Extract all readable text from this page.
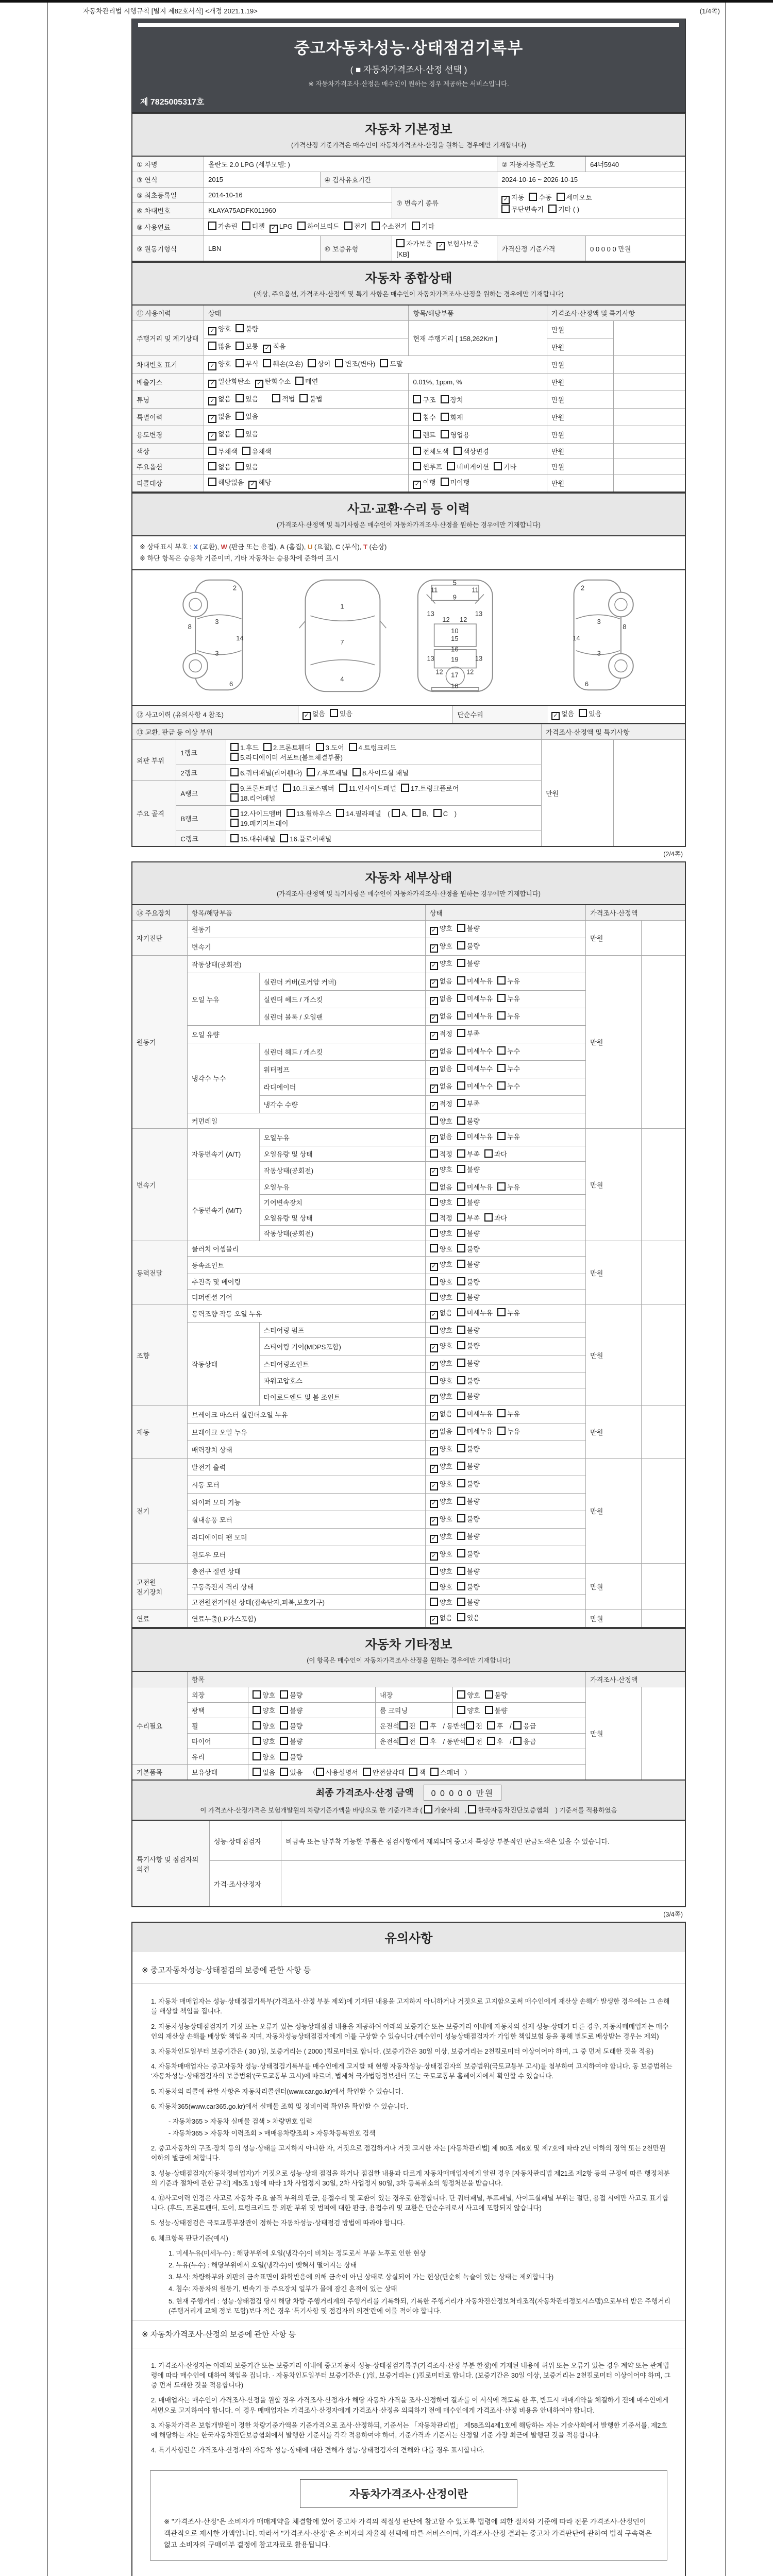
자동차관리법 시행규칙 [별지 제82호서식] <개정 2021.1.19>	(1/4쪽)
중고자동차성능·상태점검기록부
( ■ 자동차가격조사·산정 선택 )
※ 자동차가격조사·산정은 매수인이 원하는 경우 제공하는 서비스입니다.
제 7825005317호
자동차 기본정보
(가격산정 기준가격은 매수인이 자동차가격조사·산정을 원하는 경우에만 기재합니다)
① 차명	올란도 2.0 LPG (세부모델: )			② 자동차등록번호	64너5940
③ 연식	2015	④ 검사유효기간		2024-10-16 ~ 2026-10-15	
⑤ 최초등록일	2014-10-16		⑦ 변속기 종류	✓ 자동 수동 세미오토
무단변속기 기타 ( )	
⑥ 차대번호	KLAYA75ADFK011960				
⑧ 사용연료	가솔린 디젤 ✓ LPG 하이브리드 전기 수소전기 기타				
⑨ 원동기형식	LBN	⑩ 보증유형	자가보증 ✓ 보험사보증[KB]	가격산정 기준가격	0 0 0 0 0 만원
자동차 종합상태
(색상, 주요옵션, 가격조사·산정액 및 특기 사항은 매수인이 자동차가격조사·산정을 원하는 경우에만 기재합니다)
⑪ 사용이력	상태	항목/해당부품	가격조사·산정액 및 특기사항	
주행거리 및 계기상태	✓ 양호 불량	현재 주행거리 [ 158,262Km ]	만원	
	많음 보통 ✓ 적음		만원	
차대번호 표기	✓ 양호 부식 훼손(오손) 상이 변조(변타) 도말		만원	
배출가스	✓ 일산화탄소 ✓ 탄화수소 매연	0.01%, 1ppm, %	만원	
튜닝	✓ 없음 있음 적법 불법	구조 장치	만원	
특별이력	✓ 없음 있음	침수 화재	만원	
용도변경	✓ 없음 있음	렌트 영업용	만원	
색상	무채색 유채색	전체도색 색상변경	만원	
주요옵션	없음 있음	썬루프 네비게이션 기타	만원	
리콜대상	해당없음 ✓ 해당	✓ 이행 미이행	만원	
사고·교환·수리 등 이력
(가격조사·산정액 및 특기사항은 매수인이 자동차가격조사·산정을 원하는 경우에만 기재합니다)
※ 상태표시 부호 : X (교환), W (판금 또는 용접), A (흠집), U (요철), C (부식), T (손상)
※ 하단 항목은 승용차 기준이며, 기타 자동차는 승용차에 준하여 표시
2
8
3
14
3
6
1
7
4
5
11	11
9
13
12 12
13
10
15
16
19
13	13
12	12
17
18
2
8
3
14
3
6
⑫ 사고이력 (유의사항 4 참조)	✓ 없음 있음	단순수리	✓ 없음 있음
⑬ 교환, 판금 등 이상 부위			가격조사·산정액 및 특기사항	
외판 부위	1랭크	1.후드 2.프론트휀더 3.도어 4.트렁크리드
5.라디에이터 서포트(볼트체결부품)	만원	
	2랭크	6.쿼터패널(리어휀다) 7.루프패널 8.사이드실 패널		
주요 골격	A랭크	9.프론트패널 10.크로스멤버 11.인사이드패널 17.트렁크플로어
18.리어패널		
	B랭크	12.사이드멤버 13.휠하우스 14.필라패널 ( A, B, C )
19.패키지트레이		
	C랭크	15.대쉬패널 16.플로어패널		
(2/4쪽)
자동차 세부상태
(가격조사·산정액 및 특기사항은 매수인이 자동차가격조사·산정을 원하는 경우에만 기재합니다)
⑭ 주요장치	항목/해당부품		상태	가격조사·산정액	
자기진단	원동기		✓ 양호 불량	만원	
	변속기		✓ 양호 불량		
원동기	작동상태(공회전)		✓ 양호 불량	만원	
	오일 누유	실린더 커버(로커암 커버)	✓ 없음 미세누유 누유		
		실린더 헤드 / 개스킷	✓ 없음 미세누유 누유		
		실린더 블록 / 오일팬	✓ 없음 미세누유 누유		
	오일 유량		✓ 적정 부족		
	냉각수 누수	실린더 헤드 / 개스킷	✓ 없음 미세누수 누수		
		워터펌프	✓ 없음 미세누수 누수		
		라디에이터	✓ 없음 미세누수 누수		
		냉각수 수량	✓ 적정 부족		
	커먼레일		양호 불량		
변속기	자동변속기 (A/T)	오일누유	✓ 없음 미세누유 누유	만원	
		오일유량 및 상태	적정 부족 과다		
		작동상태(공회전)	✓ 양호 불량		
	수동변속기 (M/T)	오일누유	없음 미세누유 누유		
		기어변속장치	양호 불량		
		오일유량 및 상태	적정 부족 과다		
		작동상태(공회전)	양호 불량		
동력전달	클러치 어셈블리		양호 불량	만원	
	등속죠인트		✓ 양호 불량		
	추진축 및 베어링		양호 불량		
	디퍼렌셜 기어		양호 불량		
조향	동력조향 작동 오일 누유		✓ 없음 미세누유 누유	만원	
	작동상태	스티어링 펌프	양호 불량		
		스티어링 기어(MDPS포함)	✓ 양호 불량		
		스티어링조인트	✓ 양호 불량		
		파워고압호스	양호 불량		
		타이로드엔드 및 볼 조인트	✓ 양호 불량		
제동	브레이크 마스터 실린더오일 누유		✓ 없음 미세누유 누유	만원	
	브레이크 오일 누유		✓ 없음 미세누유 누유		
	배력장치 상태		✓ 양호 불량		
전기	발전기 출력		✓ 양호 불량	만원	
	시동 모터		✓ 양호 불량		
	와이퍼 모터 기능		✓ 양호 불량		
	실내송풍 모터		✓ 양호 불량		
	라디에이터 팬 모터		✓ 양호 불량		
	윈도우 모터		✓ 양호 불량		
고전원 전기장치	충전구 절연 상태		양호 불량	만원	
	구동축전지 격리 상태		양호 불량		
	고전원전기배선 상태(접속단자,피복,보호기구)		양호 불량		
연료	연료누출(LP가스포함)		✓ 없음 있음	만원	
자동차 기타정보
(이 항목은 매수인이 자동차가격조사·산정을 원하는 경우에만 기재합니다)
	항목				가격조사·산정액	
수리필요	외장	양호 불량	내장	양호 불량	만원	
	광택	양호 불량	룸 크리닝	양호 불량		
	휠	양호 불량	운전석 전 후 / 동반석 전 후 / 응급			
	타이어	양호 불량	운전석 전 후 / 동반석 전 후 / 응급			
	유리	양호 불량				
기본품목	보유상태	없음 있음 （ 사용설명서 안전삼각대 잭 스패너 ）				
최종 가격조사·산정 금액 0 0 0 0 0 만원
이 가격조사·산정가격은 보험개발원의 차량기준가액을 바탕으로 한 기준가격과 ( 기술사회 , 한국자동차진단보증협회 ) 기준서를 적용하였음
특기사항 및 점검자의 의견	성능·상태점검자	비금속 또는 탈부착 가능한 부품은 점검사항에서 제외되며 중고차 특성상 부분적인 판금도색은 있을 수 있습니다.
	가격·조사산정자	
(3/4쪽)
유의사항
※ 중고자동차성능·상태점검의 보증에 관한 사항 등
1. 자동차 매매업자는 성능·상태점검기록부(가격조사·산정 부분 제외)에 기재된 내용을 고지하지 아니하거나 거짓으로 고지함으로써 매수인에게 재산상 손해가 발생한 경우에는 그 손해를 배상할 책임을 집니다.
2. 자동차성능상태점검자가 거짓 또는 오류가 있는 성능상태점검 내용을 제공하여 아래의 보증기간 또는 보증거리 이내에 자동차의 실제 성능·상태가 다른 경우, 자동차매매업자는 매수인의 재산상 손해를 배상할 책임을 지며, 자동차성능상태점검자에게 이를 구상할 수 있습니다.(매수인이 성능상태점검자가 가입한 책임보험 등을 통해 별도로 배상받는 경우는 제외)
3. 자동차인도일부터 보증기간은 ( 30 )일, 보증거리는 ( 2000 )킬로미터로 합니다. (보증기간은 30일 이상, 보증거리는 2천킬로미터 이상이어야 하며, 그 중 먼저 도래한 것을 적용)
4. 자동차매매업자는 중고자동차 성능·상태점검기록부를 매수인에게 고지할 때 현행 자동차성능·상태점검자의 보증범위(국토교통부 고시)를 첨부하여 고지하여야 합니다. 동 보증범위는 '자동차성능·상태점검자의 보증범위'(국토교통부 고시)에 따르며, 법제처 국가법령정보센터 또는 국토교통부 홈페이지에서 확인할 수 있습니다.
5. 자동차의 리콜에 관한 사항은 자동차리콜센터(www.car.go.kr)에서 확인할 수 있습니다.
6. 자동차365(www.car365.go.kr)에서 실매물 조회 및 정비이력 확인을 확인할 수 있습니다.
- 자동차365 > 자동차 실매물 검색 > 차량번호 입력
- 자동차365 > 자동차 이력조회 > 매매용차량조회 > 자동차등록번호 검색
2. 중고자동차의 구조·장치 등의 성능·상태를 고지하지 아니한 자, 거짓으로 점검하거나 거짓 고지한 자는 [자동차관리법] 제 80조 제6호 및 제7호에 따라 2년 이하의 징역 또는 2천만원 이하의 벌금에 처합니다.
3. 성능·상태점검자(자동차정비업자)가 거짓으로 성능·상태 점검을 하거나 점검한 내용과 다르게 자동차매매업자에게 알린 경우 [자동차관리법 제21조 제2항 등의 규정에 따른 행정처분의 기준과 절차에 관한 규칙] 제5조 1항에 따라 1차 사업정지 30일, 2차 사업정지 90일, 3차 등록취소의 행정처분을 받습니다.
4. ⑫사고이력 인정은 사고로 자동차 주요 골격 부위의 판금, 용접수리 및 교환이 있는 경우로 한정합니다. 단 쿼터패널, 루프패널, 사이드실패널 부위는 절단, 용접 시에만 사고로 표기합니다. (후드, 프론트펜더, 도어, 트렁크리드 등 외판 부위 및 범퍼에 대한 판금, 용접수리 및 교환은 단순수리로서 사고에 포함되지 않습니다)
5. 성능·상태점검은 국토교통부장관이 정하는 자동차성능·상태점검 방법에 따라야 합니다.
6. 체크항목 판단기준(예시)
1. 미세누유(미세누수) : 해당부위에 오일(냉각수)이 비치는 정도로서 부품 노후로 인한 현상
2. 누유(누수) : 해당부위에서 오일(냉각수)이 맺혀서 떨어지는 상태
3. 부식: 차량하부와 외판의 금속표면이 화학반응에 의해 금속이 아닌 상태로 상실되어 가는 현상(단순히 녹슬어 있는 상태는 제외합니다)
4. 침수: 자동차의 원동기, 변속기 등 주요장치 일부가 물에 잠긴 흔적이 있는 상태
5. 현재 주행거리 : 성능·상태점검 당시 해당 차량 주행거리계의 주행거리를 기록하되, 기록한 주행거리가 자동차전산정보처리조직(자동차관리정보시스템)으로부터 받은 주행거리(주행거리계 교체 정보 포함)보다 적은 경우 '특기사항 및 점검자의 의견'란에 이를 적어야 합니다.
※ 자동차가격조사·산정의 보증에 관한 사항 등
1. 가격조사·산정자는 아래의 보증기간 또는 보증거리 이내에 중고자동차 성능·상태점검기록부(가격조사·산정 부분 한정)에 기재된 내용에 허위 또는 오류가 있는 경우 계약 또는 관계법령에 따라 매수인에 대하여 책임을 집니다. · 자동차인도일부터 보증기간은 ( )일, 보증거리는 ( )킬로미터로 합니다. (보증기간은 30일 이상, 보증거리는 2천킬로미터 이상이어야 하며, 그 중 먼저 도래한 것을 적용합니다)
2. 매매업자는 매수인이 가격조사·산정을 원할 경우 가격조사·산정자가 해당 자동차 가격을 조사·산정하여 결과를 이 서식에 적도록 한 후, 반드시 매매계약을 체결하기 전에 매수인에게 서면으로 고지하여야 합니다. 이 경우 매매업자는 가격조사·산정자에게 가격조사·산정을 의뢰하기 전에 매수인에게 가격조사·산정 비용을 안내하여야 합니다.
3. 자동차가격은 보험개발원이 정한 차량기준가액을 기준가격으로 조사·산정하되, 기준서는 「자동차관리법」 제58조의4제1호에 해당하는 자는 기술사회에서 발행한 기준서를, 제2호에 해당하는 자는 한국자동차진단보증협회에서 발행한 기준서를 각각 적용하여야 하며, 기준가격과 기준서는 산정일 기준 가장 최근에 발행된 것을 적용합니다.
4. 특기사항란은 가격조사·산정자의 자동차 성능·상태에 대한 견해가 성능·상태점검자의 견해와 다를 경우 표시합니다.
자동차가격조사·산정이란
※ "가격조사·산정"은 소비자가 매매계약을 체결함에 있어 중고차 가격의 적절성 판단에 참고할 수 있도록 법령에 의한 절차와 기준에 따라 전문 가격조사·산정인이 객관적으로 제시한 가액입니다. 따라서 "가격조사·산정"은 소비자의 자율적 선택에 따른 서비스이며, 가격조사·산정 결과는 중고차 가격판단에 관하여 법적 구속력은 없고 소비자의 구매여부 결정에 참고자료로 활용됩니다.
